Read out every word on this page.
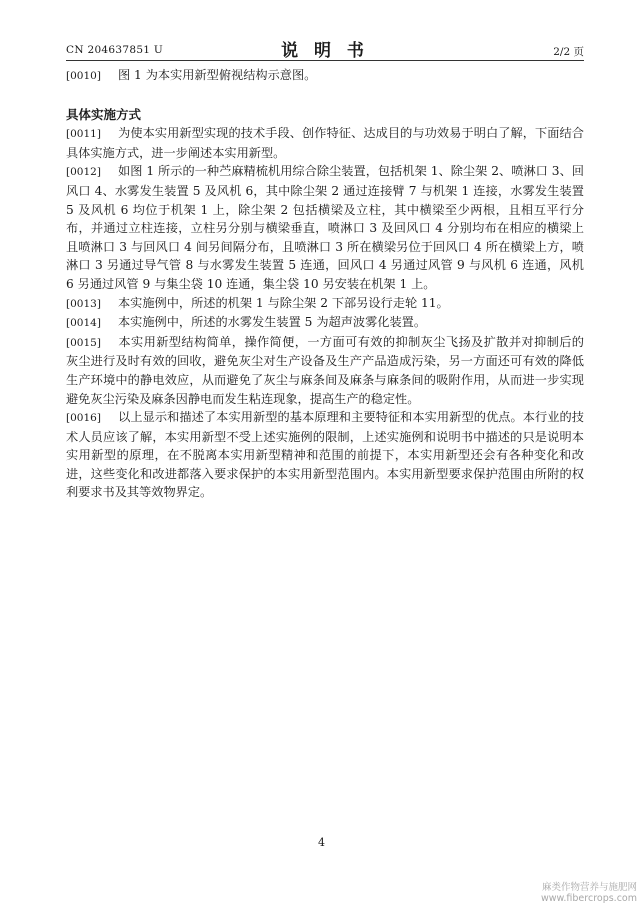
CN 204637851 U	说 明 书	2/2 页

[0010] 图 1 为本实用新型俯视结构示意图。

具体实施方式

[0011] 为使本实用新型实现的技术手段、创作特征、达成目的与功效易于明白了解，下面结合具体实施方式，进一步阐述本实用新型。

[0012] 如图 1 所示的一种苎麻精梳机用综合除尘装置，包括机架 1、除尘架 2、喷淋口 3、回风口 4、水雾发生装置 5 及风机 6，其中除尘架 2 通过连接臂 7 与机架 1 连接，水雾发生装置 5 及风机 6 均位于机架 1 上，除尘架 2 包括横梁及立柱，其中横梁至少两根，且相互平行分布，并通过立柱连接，立柱另分别与横梁垂直，喷淋口 3 及回风口 4 分别均布在相应的横梁上且喷淋口 3 与回风口 4 间另间隔分布，且喷淋口 3 所在横梁另位于回风口 4 所在横梁上方，喷淋口 3 另通过导气管 8 与水雾发生装置 5 连通，回风口 4 另通过风管 9 与风机 6 连通，风机 6 另通过风管 9 与集尘袋 10 连通，集尘袋 10 另安装在机架 1 上。

[0013] 本实施例中，所述的机架 1 与除尘架 2 下部另设行走轮 11。

[0014] 本实施例中，所述的水雾发生装置 5 为超声波雾化装置。

[0015] 本实用新型结构简单，操作简便，一方面可有效的抑制灰尘飞扬及扩散并对抑制后的 灰尘进行及时有效的回收，避免灰尘对生产设备及生产产品造成污染，另一方面还可有效的降低生产环境中的静电效应，从而避免了灰尘与麻条间及麻条与麻条间的吸附作用，从而进一步实现避免灰尘污染及麻条因静电而发生粘连现象，提高生产的稳定性。

[0016] 以上显示和描述了本实用新型的基本原理和主要特征和本实用新型的优点。本行业的技术人员应该了解，本实用新型不受上述实施例的限制，上述实施例和说明书中描述的只是说明本实用新型的原理，在不脱离本实用新型精神和范围的前提下，本实用新型还会有各种变化和改进，这些变化和改进都落入要求保护的本实用新型范围内。本实用新型要求保护范围由所附的权利要求书及其等效物界定。

4
麻类作物营养与施肥网
www.fibercrops.com
